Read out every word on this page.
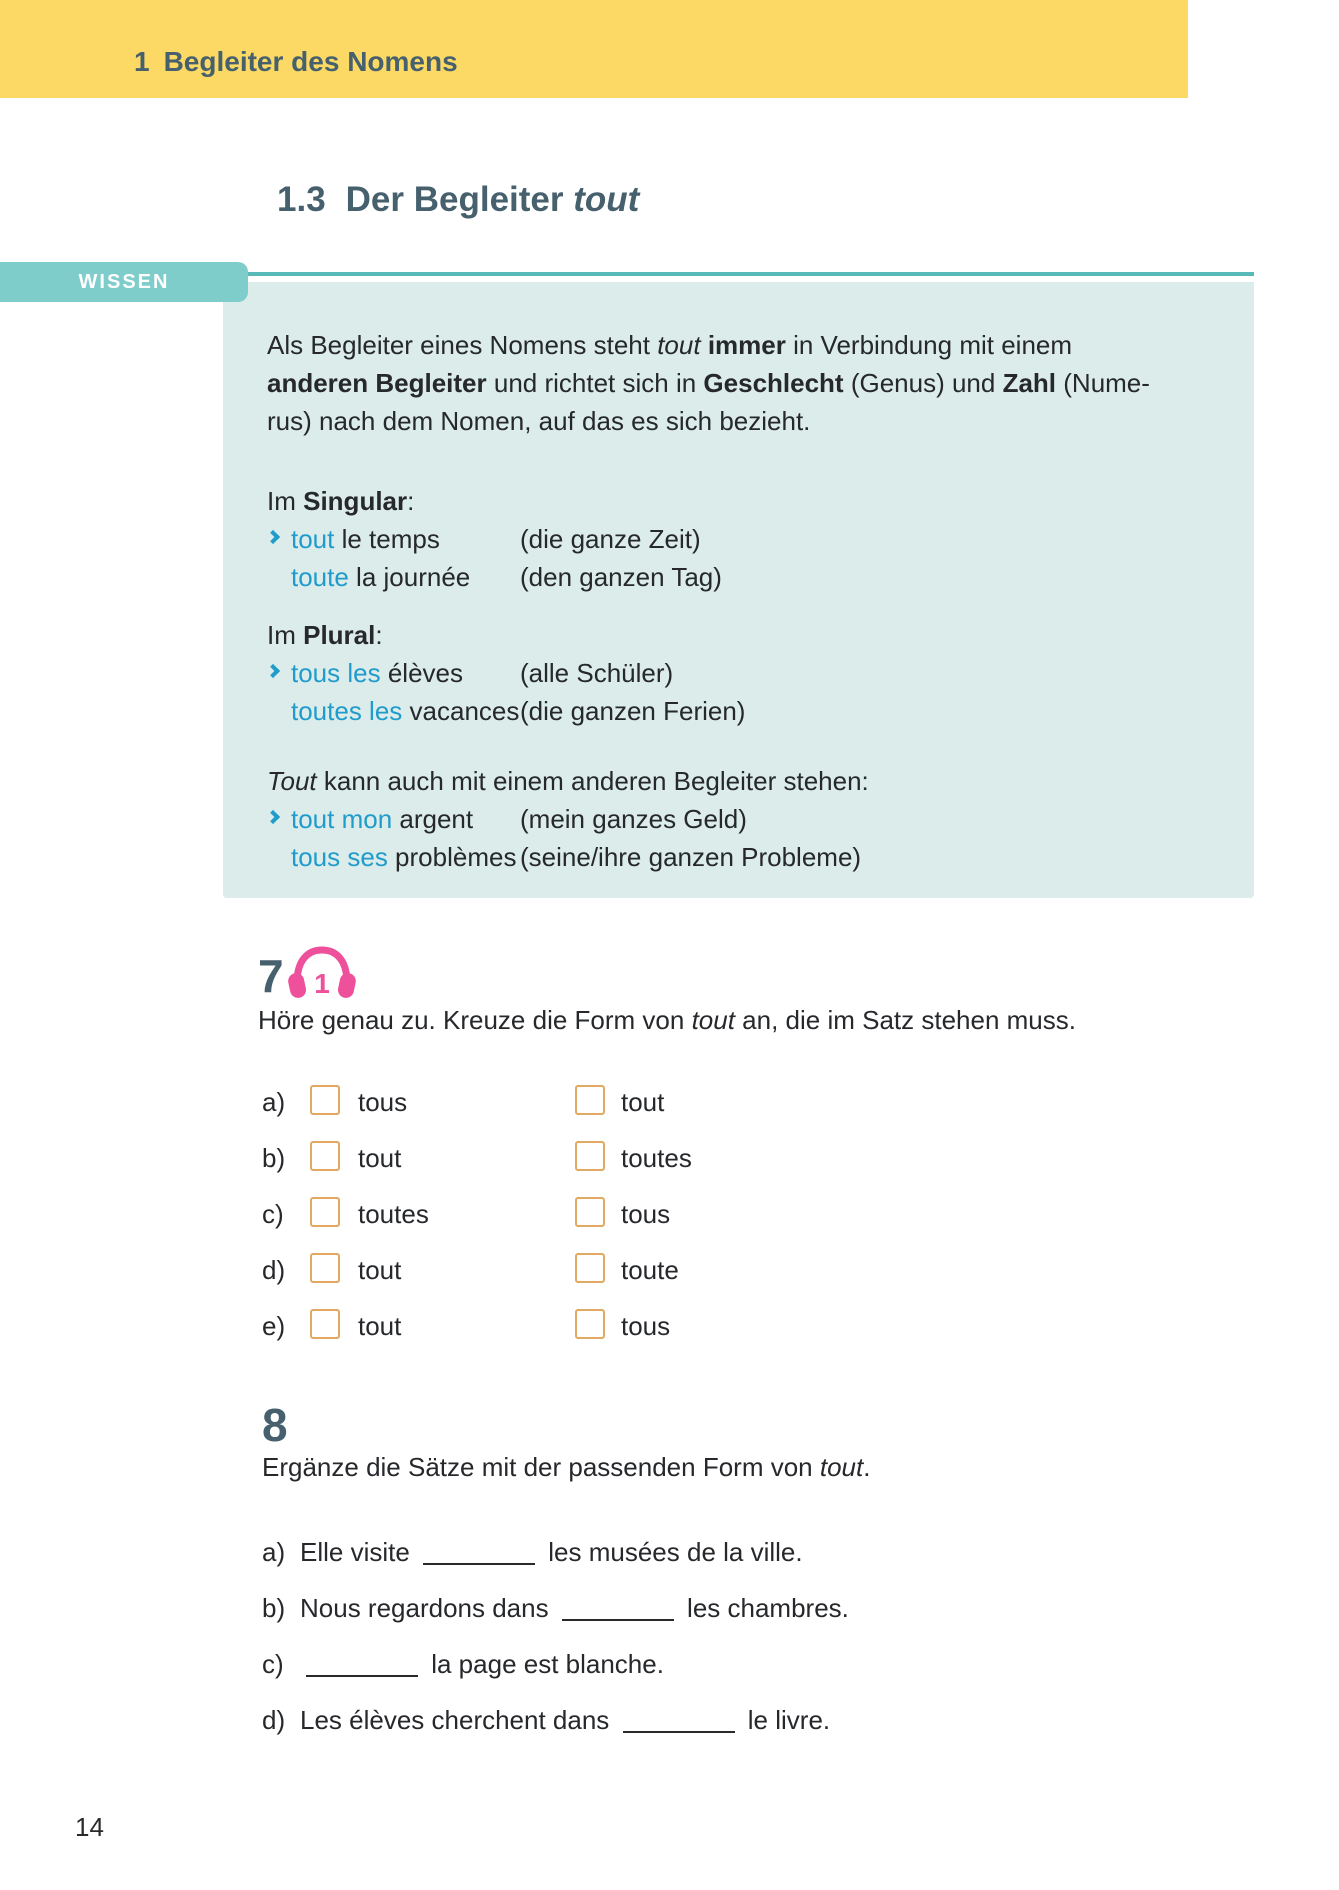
1 Begleiter des Nomens
1.3 Der Begleiter tout
WISSEN
Als Begleiter eines Nomens steht tout immer in Verbindung mit einem
anderen Begleiter und richtet sich in Geschlecht (Genus) und Zahl (Nume-
rus) nach dem Nomen, auf das es sich bezieht.
Im Singular:
tout le temps	(die ganze Zeit)
toute la journée (den ganzen Tag)
Im Plural:
tous les élèves (alle Schüler)
toutes les vacances (die ganzen Ferien)
Tout kann auch mit einem anderen Begleiter stehen:
tout mon argent (mein ganzes Geld)
tous ses problèmes (seine/ihre ganzen Probleme)
7 1
Höre genau zu. Kreuze die Form von tout an, die im Satz stehen muss.
a)	tous	tout
b)	tout	toutes
c)	toutes	tous
d)	tout	toute
e)	tout	tous
8
Ergänze die Sätze mit der passenden Form von tout.
a) Elle visite	les musées de la ville.
b) Nous regardons dans	les chambres.
c)	la page est blanche.
d) Les élèves cherchent dans	le livre.
14
